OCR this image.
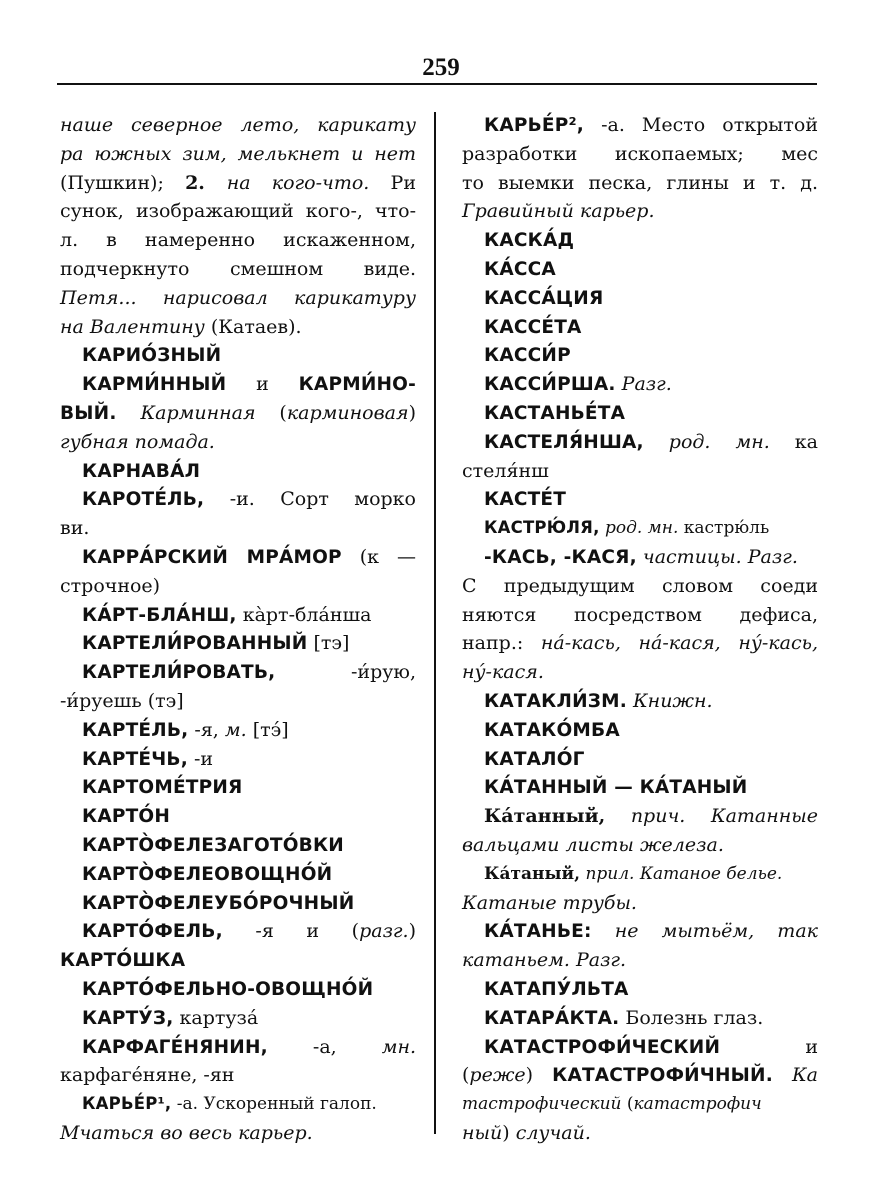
259
наше северное лето, карикату
ра южных зим, мелькнет и нет
(Пушкин); 2. на кого-что. Ри
сунок, изображающий кого-, что-
л. в намеренно искаженном,
подчеркнуто смешном виде.
Петя... нарисовал карикатуру
на Валентину (Катаев).
КАРИО́ЗНЫЙ
КАРМИ́ННЫЙ и КАРМИ́НО-
ВЫЙ. Карминная (карминовая)
губная помада.
КАРНАВА́Л
КАРОТЕ́ЛЬ, -и. Сорт морко
ви.
КАРРА́РСКИЙ МРА́МОР (к —
строчное)
КА́РТ-БЛА́НШ, ка̀рт-бла́нша
КАРТЕЛИ́РОВАННЫЙ [тэ]
КАРТЕЛИ́РОВАТЬ, -и́рую,
-и́руешь (тэ]
КАРТЕ́ЛЬ, -я, м. [тэ́]
КАРТЕ́ЧЬ, -и
КАРТОМЕ́ТРИЯ
КАРТО́Н
КАРТО̀ФЕЛЕЗАГОТО́ВКИ
КАРТО̀ФЕЛЕОВОЩНО́Й
КАРТО̀ФЕЛЕУБО́РОЧНЫЙ
КАРТО́ФЕЛЬ, -я и (разг.)
КАРТО́ШКА
КАРТО́ФЕЛЬНО-ОВОЩНО́Й
КАРТУ́З, картуза́
КАРФАГЕ́НЯНИН, -а, мн.
карфаге́няне, -ян
КАРЬЕ́Р¹, -а. Ускоренный галоп.
Мчаться во весь карьер.
КАРЬЕ́Р², -а. Место открытой
разработки ископаемых; мес
то выемки песка, глины и т. д.
Гравийный карьер.
КАСКА́Д
КА́ССА
КАССА́ЦИЯ
КАССЕ́ТА
КАССИ́Р
КАССИ́РША. Разг.
КАСТАНЬЕ́ТА
КАСТЕЛЯ́НША, род. мн. ка
стеля́нш
КАСТЕ́Т
КАСТРЮ́ЛЯ, род. мн. кастрю́ль
-КАСЬ, -КАСЯ, частицы. Разг.
С предыдущим словом соеди
няются посредством дефиса,
напр.: на́-кась, на́-кася, ну́-кась,
ну́-кася.
КАТАКЛИ́ЗМ. Книжн.
КАТАКО́МБА
КАТАЛО́Г
КА́ТАННЫЙ — КА́ТАНЫЙ
Ка́танный, прич. Катанные
вальцами листы железа.
Ка́таный, прил. Катаное белье.
Катаные трубы.
КА́ТАНЬЕ: не мытьём, так
катаньем. Разг.
КАТАПУ́ЛЬТА
КАТАРА́КТА. Болезнь глаз.
КАТАСТРОФИ́ЧЕСКИЙ и
(реже) КАТАСТРОФИ́ЧНЫЙ. Ка
тастрофический (катастрофич
ный) случай.
